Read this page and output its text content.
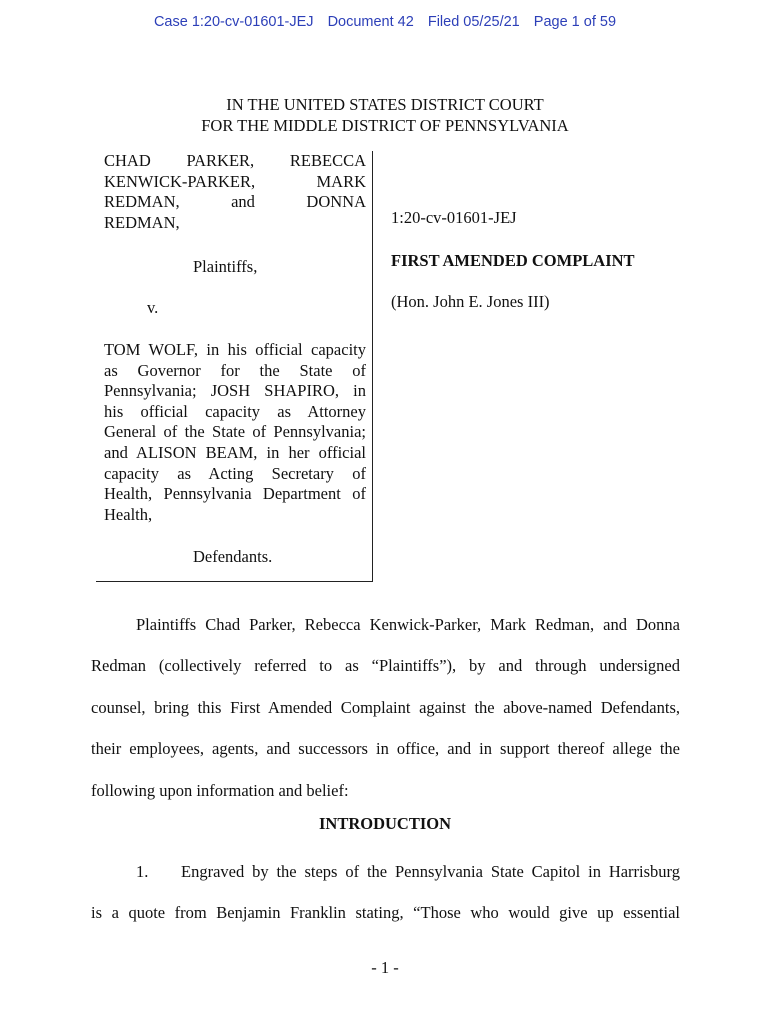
Case 1:20-cv-01601-JEJ Document 42 Filed 05/25/21 Page 1 of 59
IN THE UNITED STATES DISTRICT COURT
FOR THE MIDDLE DISTRICT OF PENNSYLVANIA
CHAD PARKER, REBECCA
KENWICK-PARKER, MARK
REDMAN, and DONNA
REDMAN,
Plaintiffs,
v.
TOM WOLF, in his official capacity
as Governor for the State of
Pennsylvania; JOSH SHAPIRO, in
his official capacity as Attorney
General of the State of Pennsylvania;
and ALISON BEAM, in her official
capacity as Acting Secretary of
Health, Pennsylvania Department of
Health,
Defendants.
1:20-cv-01601-JEJ
FIRST AMENDED COMPLAINT
(Hon. John E. Jones III)
Plaintiffs Chad Parker, Rebecca Kenwick-Parker, Mark Redman, and Donna
Redman (collectively referred to as “Plaintiffs”), by and through undersigned
counsel, bring this First Amended Complaint against the above-named Defendants,
their employees, agents, and successors in office, and in support thereof allege the
following upon information and belief:
INTRODUCTION
1. Engraved by the steps of the Pennsylvania State Capitol in Harrisburg
is a quote from Benjamin Franklin stating, “Those who would give up essential
- 1 -
